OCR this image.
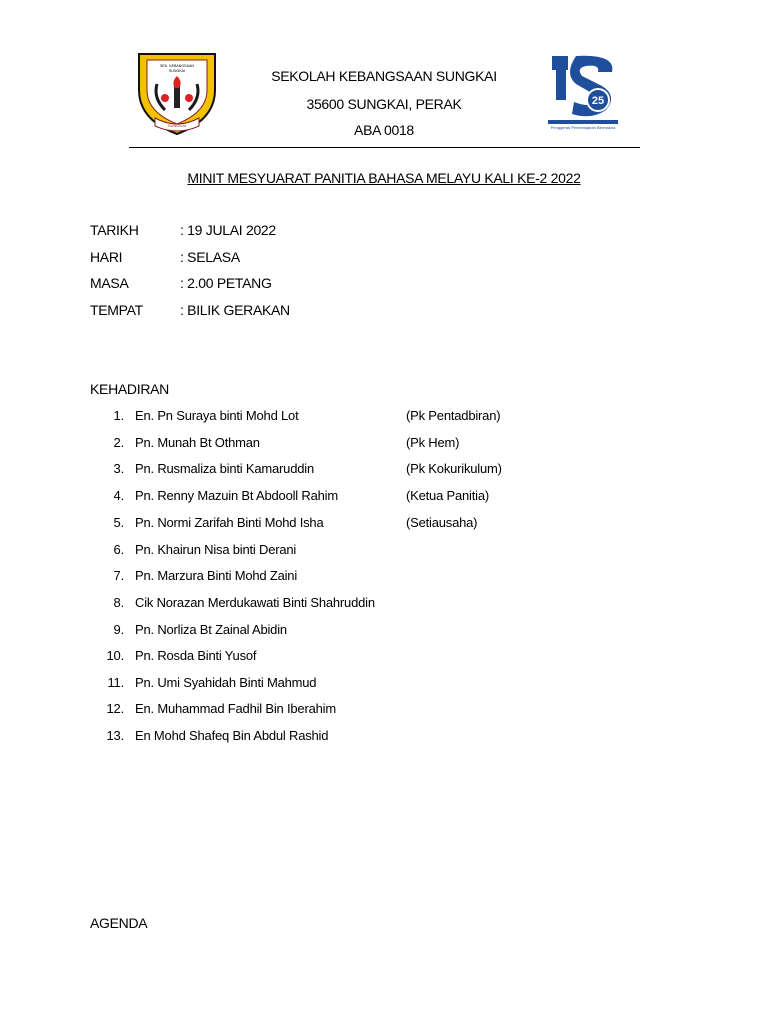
SEK. KEBANGSAAN
SUNGKAI
SUNGKAI
25
Penggerak Pembelajaran Bermakna
SEKOLAH KEBANGSAAN SUNGKAI
35600 SUNGKAI, PERAK
ABA 0018
MINIT MESYUARAT PANITIA BAHASA MELAYU KALI KE-2 2022
TARIKH	: 19 JULAI 2022
HARI	: SELASA
MASA	: 2.00 PETANG
TEMPAT	: BILIK GERAKAN
KEHADIRAN
1. En. Pn Suraya binti Mohd Lot	(Pk Pentadbiran)
2. Pn. Munah Bt Othman	(Pk Hem)
3. Pn. Rusmaliza binti Kamaruddin	(Pk Kokurikulum)
4. Pn. Renny Mazuin Bt Abdooll Rahim	(Ketua Panitia)
5. Pn. Normi Zarifah Binti Mohd Isha	(Setiausaha)
6. Pn. Khairun Nisa binti Derani
7. Pn. Marzura Binti Mohd Zaini
8. Cik Norazan Merdukawati Binti Shahruddin
9. Pn. Norliza Bt Zainal Abidin
10. Pn. Rosda Binti Yusof
11. Pn. Umi Syahidah Binti Mahmud
12. En. Muhammad Fadhil Bin Iberahim
13. En Mohd Shafeq Bin Abdul Rashid
AGENDA
